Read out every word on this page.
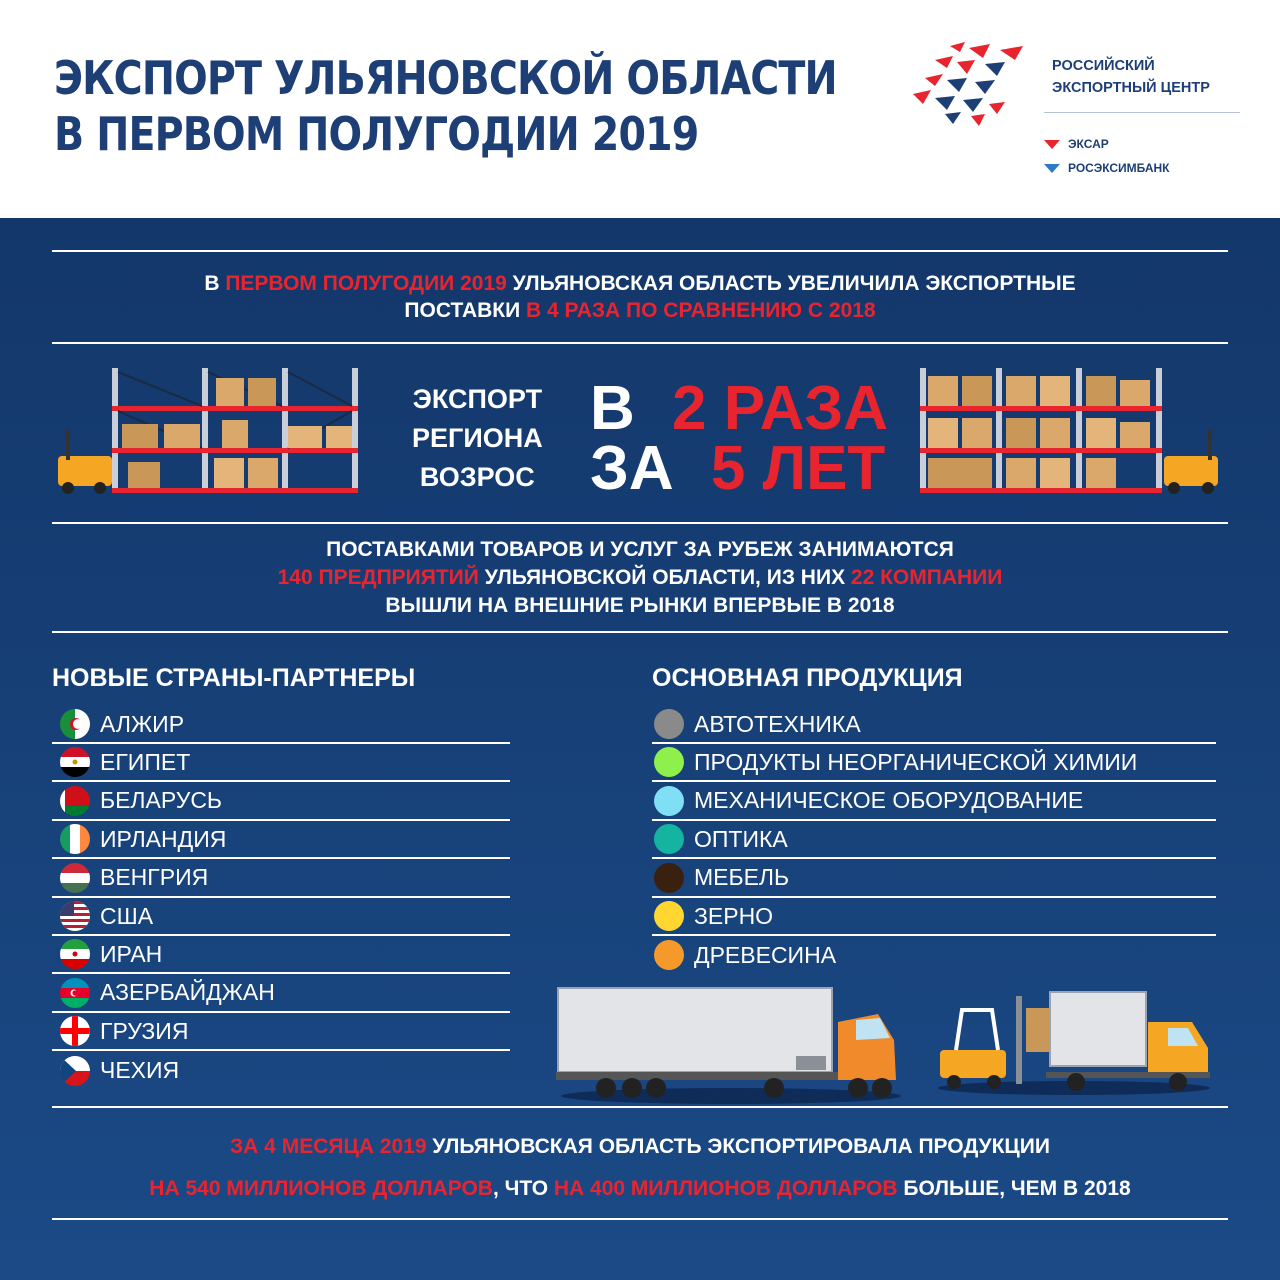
ЭКСПОРТ УЛЬЯНОВСКОЙ ОБЛАСТИ
В ПЕРВОМ ПОЛУГОДИИ 2019
РОССИЙСКИЙ
ЭКСПОРТНЫЙ ЦЕНТР
ЭКСАР
РОСЭКСИМБАНК
В ПЕРВОМ ПОЛУГОДИИ 2019 УЛЬЯНОВСКАЯ ОБЛАСТЬ УВЕЛИЧИЛА ЭКСПОРТНЫЕ
ПОСТАВКИ В 4 РАЗА ПО СРАВНЕНИЮ С 2018
ЭКСПОРТ
РЕГИОНА
ВОЗРОС
В 2 РАЗА
ЗА 5 ЛЕТ
ПОСТАВКАМИ ТОВАРОВ И УСЛУГ ЗА РУБЕЖ ЗАНИМАЮТСЯ
140 ПРЕДПРИЯТИЙ УЛЬЯНОВСКОЙ ОБЛАСТИ, ИЗ НИХ 22 КОМПАНИИ
ВЫШЛИ НА ВНЕШНИЕ РЫНКИ ВПЕРВЫЕ В 2018
НОВЫЕ СТРАНЫ-ПАРТНЕРЫ
АЛЖИР
ЕГИПЕТ
БЕЛАРУСЬ
ИРЛАНДИЯ
ВЕНГРИЯ
США
ИРАН
АЗЕРБАЙДЖАН
ГРУЗИЯ
ЧЕХИЯ
ОСНОВНАЯ ПРОДУКЦИЯ
АВТОТЕХНИКА
ПРОДУКТЫ НЕОРГАНИЧЕСКОЙ ХИМИИ
МЕХАНИЧЕСКОЕ ОБОРУДОВАНИЕ
ОПТИКА
МЕБЕЛЬ
ЗЕРНО
ДРЕВЕСИНА
ЗА 4 МЕСЯЦА 2019 УЛЬЯНОВСКАЯ ОБЛАСТЬ ЭКСПОРТИРОВАЛА ПРОДУКЦИИ
НА 540 МИЛЛИОНОВ ДОЛЛАРОВ, ЧТО НА 400 МИЛЛИОНОВ ДОЛЛАРОВ БОЛЬШЕ, ЧЕМ В 2018
